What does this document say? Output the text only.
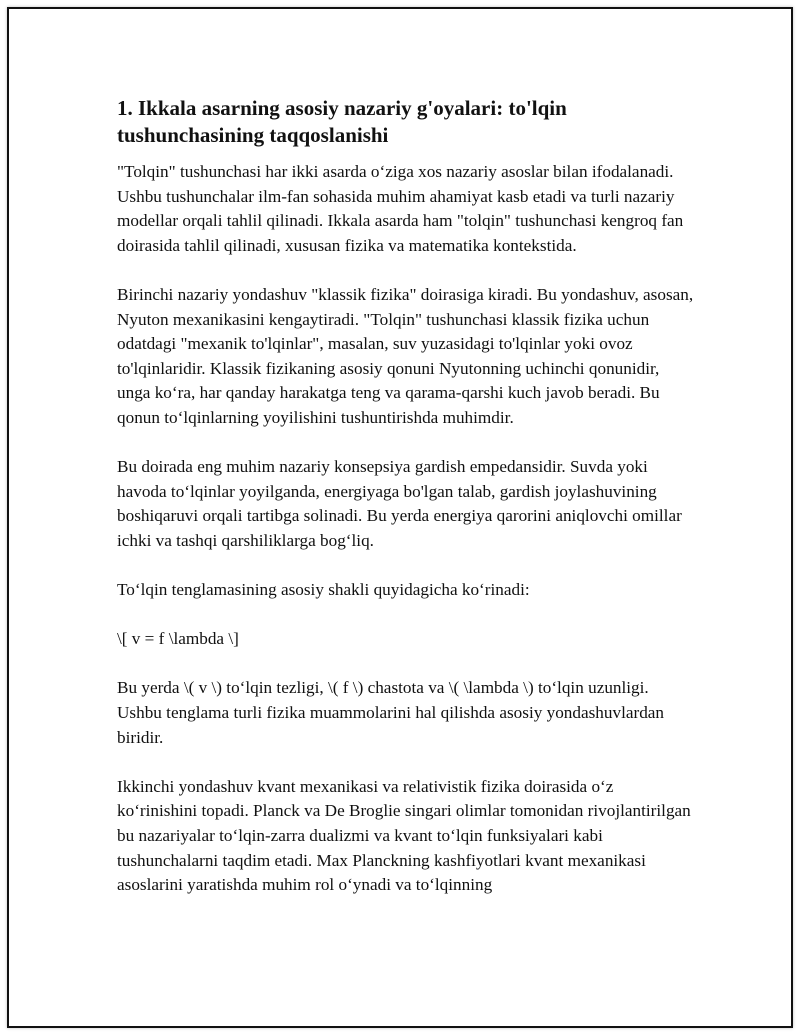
1. Ikkala asarning asosiy nazariy g'oyalari: to'lqin tushunchasining taqqoslanishi

"Tolqin" tushunchasi har ikki asarda o‘ziga xos nazariy asoslar bilan ifodalanadi. Ushbu tushunchalar ilm-fan sohasida muhim ahamiyat kasb etadi va turli nazariy modellar orqali tahlil qilinadi. Ikkala asarda ham "tolqin" tushunchasi kengroq fan doirasida tahlil qilinadi, xususan fizika va matematika kontekstida.

Birinchi nazariy yondashuv "klassik fizika" doirasiga kiradi. Bu yondashuv, asosan, Nyuton mexanikasini kengaytiradi. "Tolqin" tushunchasi klassik fizika uchun odatdagi "mexanik to'lqinlar", masalan, suv yuzasidagi to'lqinlar yoki ovoz to'lqinlaridir. Klassik fizikaning asosiy qonuni Nyutonning uchinchi qonunidir, unga ko‘ra, har qanday harakatga teng va qarama-qarshi kuch javob beradi. Bu qonun to‘lqinlarning yoyilishini tushuntirishda muhimdir.

Bu doirada eng muhim nazariy konsepsiya gardish empedansidir. Suvda yoki havoda to‘lqinlar yoyilganda, energiyaga bo'lgan talab, gardish joylashuvining boshiqaruvi orqali tartibga solinadi. Bu yerda energiya qarorini aniqlovchi omillar ichki va tashqi qarshiliklarga bog‘liq.

To‘lqin tenglamasining asosiy shakli quyidagicha ko‘rinadi:

\[ v = f \lambda \]

Bu yerda \( v \) to‘lqin tezligi, \( f \) chastota va \( \lambda \) to‘lqin uzunligi. Ushbu tenglama turli fizika muammolarini hal qilishda asosiy yondashuvlardan biridir.

Ikkinchi yondashuv kvant mexanikasi va relativistik fizika doirasida o‘z ko‘rinishini topadi. Planck va De Broglie singari olimlar tomonidan rivojlantirilgan bu nazariyalar to‘lqin-zarra dualizmi va kvant to‘lqin funksiyalari kabi tushunchalarni taqdim etadi. Max Planckning kashfiyotlari kvant mexanikasi asoslarini yaratishda muhim rol o‘ynadi va to‘lqinning
